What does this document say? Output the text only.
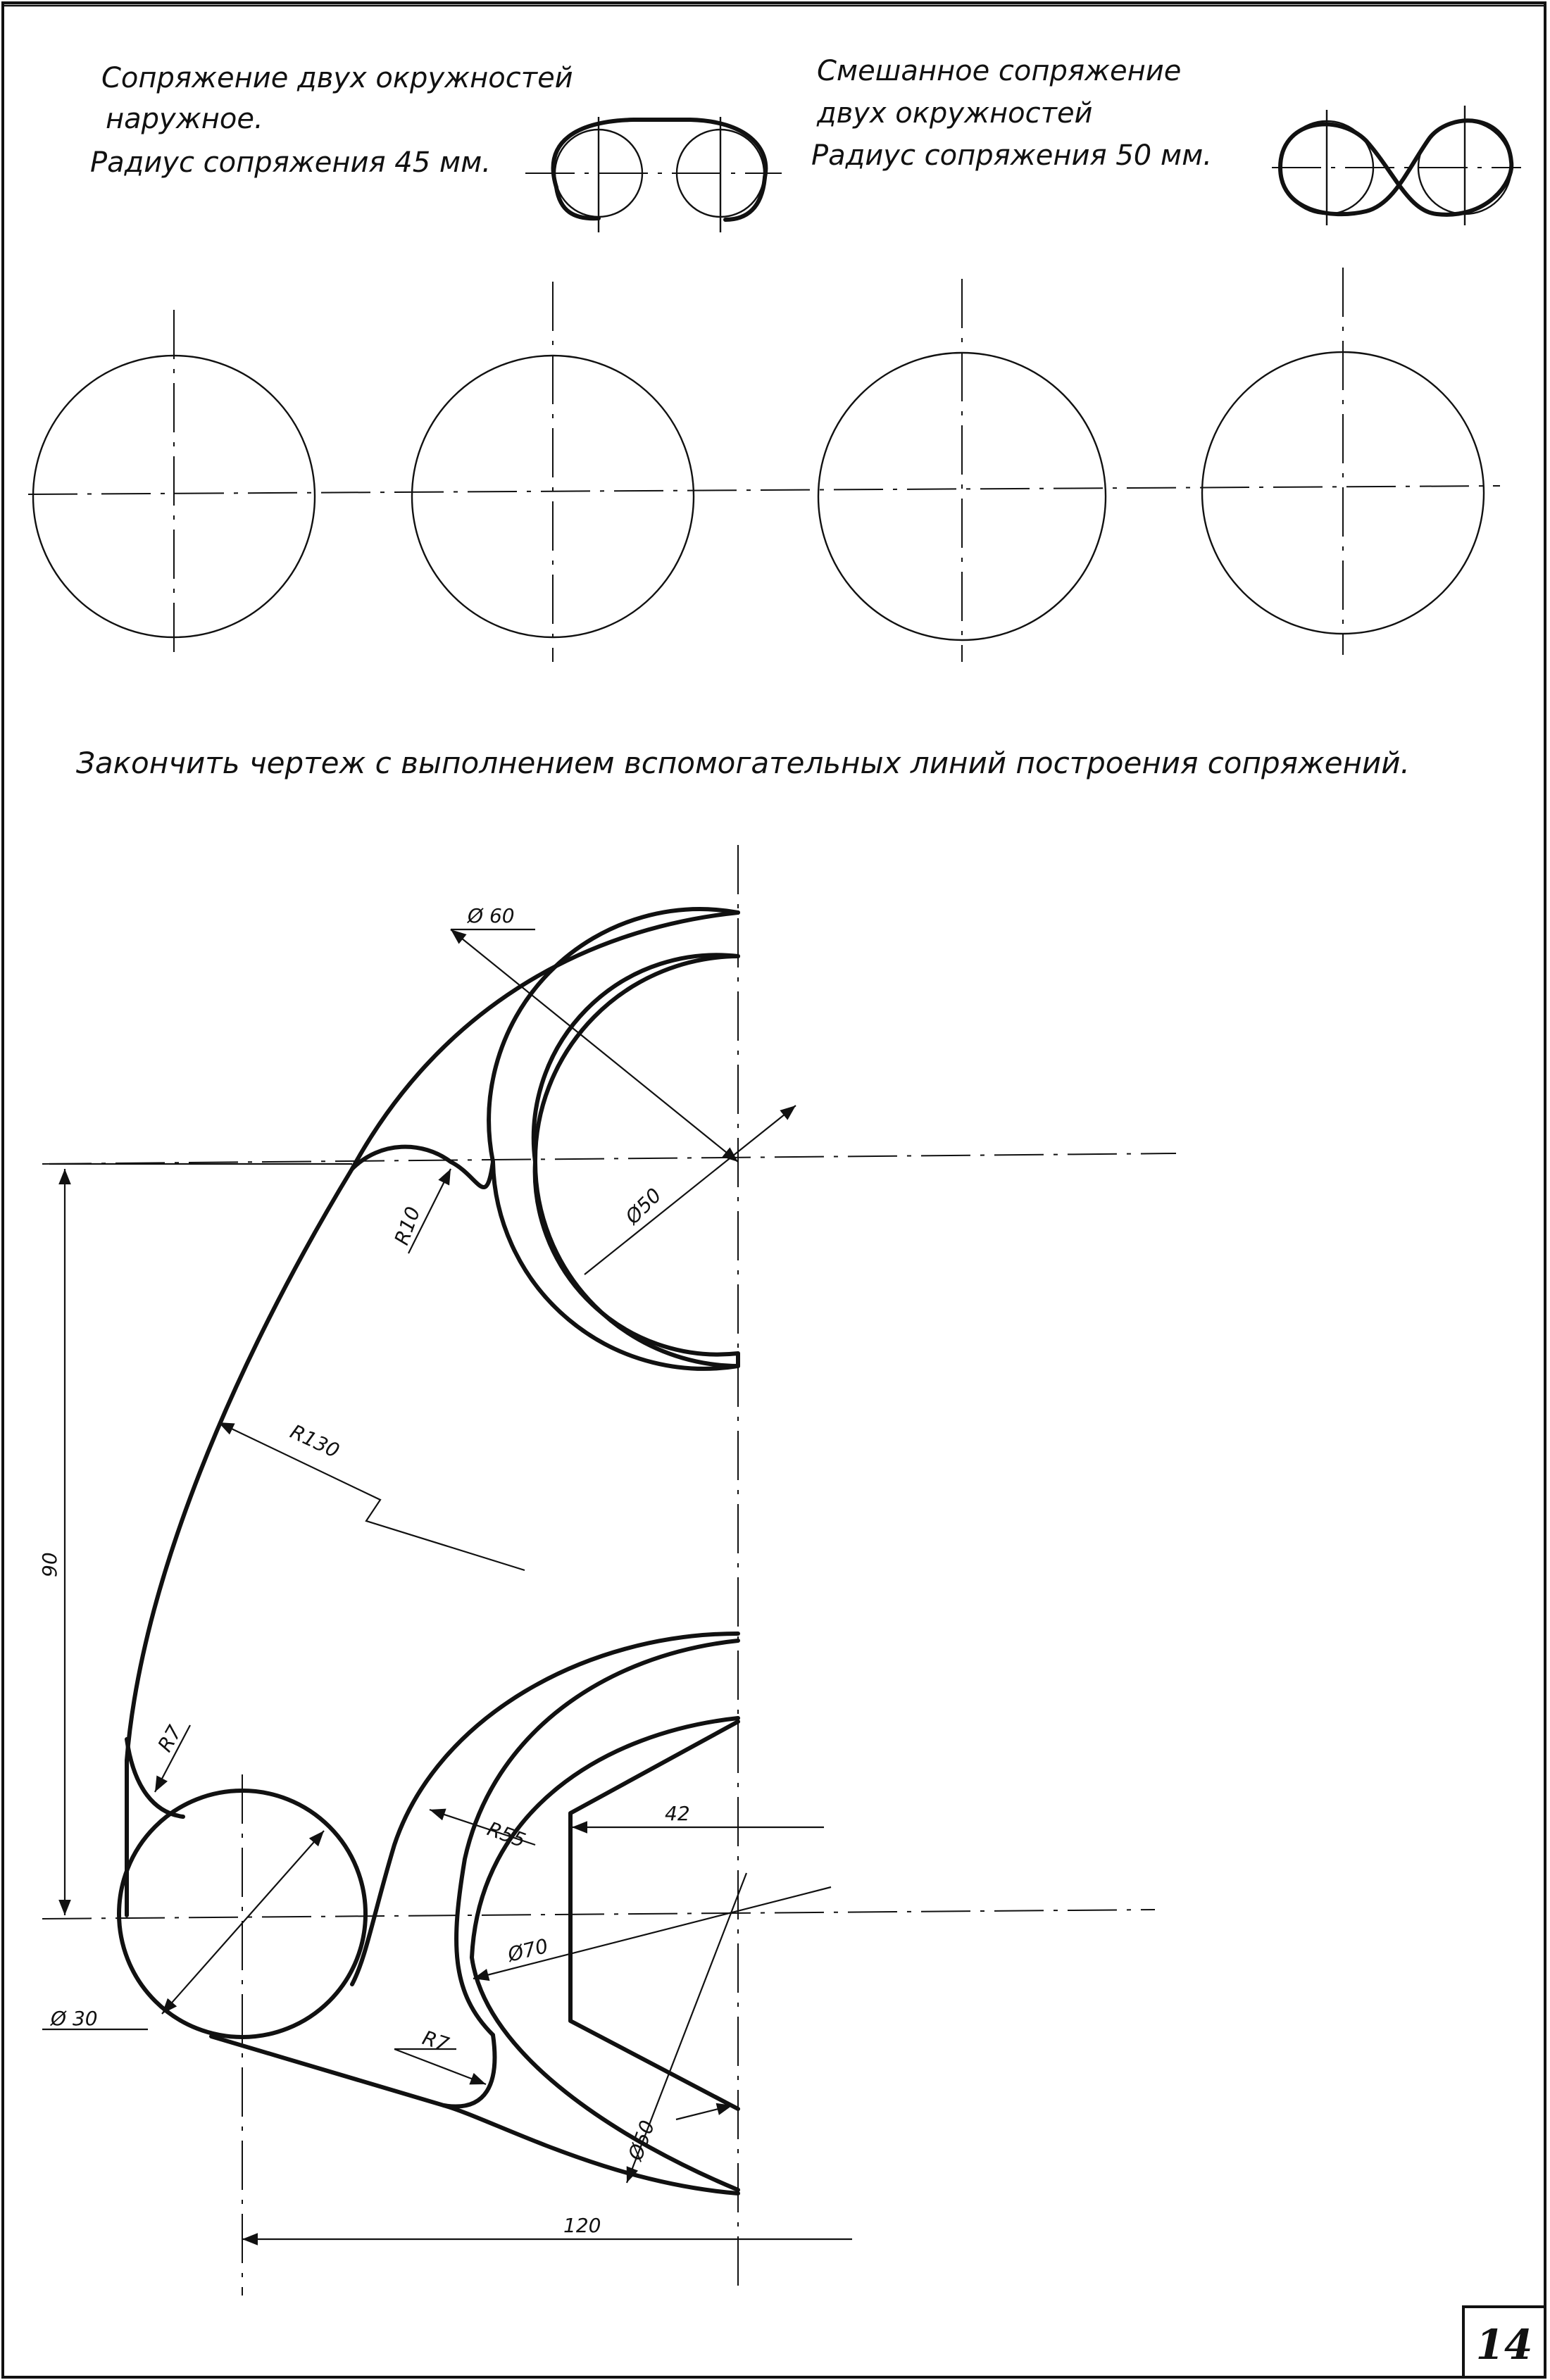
Сопряжение двух окружностей
наружное.
Радиус сопряжения 45 мм.
Смешанное сопряжение
двух окружностей
Радиус сопряжения 50 мм.
Закончить чертеж с выполнением вспомогательных линий построения сопряжений.
Ø 60
Ø50
R10
R130
90
R7
R55
42
Ø70
Ø 30
R7
Ø50
120
14
